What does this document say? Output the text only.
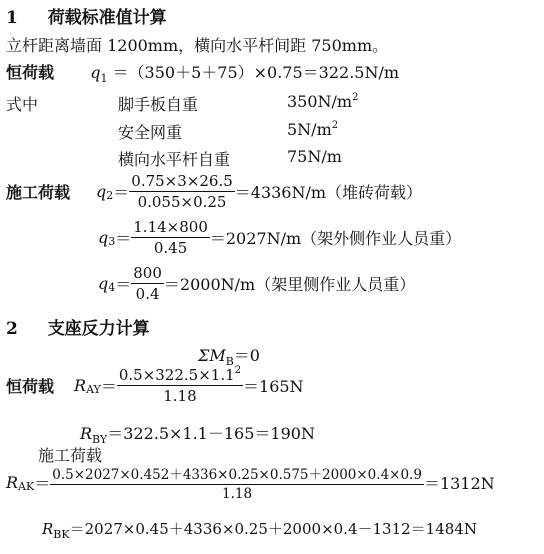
1 荷载标准值计算
立杆距离墙面 1200mm，横向水平杆间距 750mm。
恒荷载 $q_1 =(350+5+75)\times 0.75=322.5N/m$
式中	脚手板自重	$350N/m^2$
安全网重	$5N/m^2$
横向水平杆自重	75N/m
施工荷载 q $2 = \frac{0.75\times 3\times 26.5}{0.055\times 0.25} =4336N/m$（堆砖荷载）
q $3 = \frac{1.14\times 800}{0.45} =2027N/m$（架外侧作业人员重）
q $4 = \frac{800}{0.4} =2000N/m$（架里侧作业人员重）
2 支座反力计算
$\Sigma M_B=0$
恒荷载 R AY ＝ $\frac{0.5\times 322.5\times 1.1^2}{1.18} =165N$
$R_{BY}=322.5\times 1.1-165=190N$
施工荷载
R AK ＝ $\frac{0.5\times 2027\times 0.452+4336\times 0.25\times 0.575+2000\times 0.4\times 0.9}{1.18} =1312N$
$R_{BK}=2027\times 0.45+4336\times 0.25+2000\times 0.4-1312=1484N$
